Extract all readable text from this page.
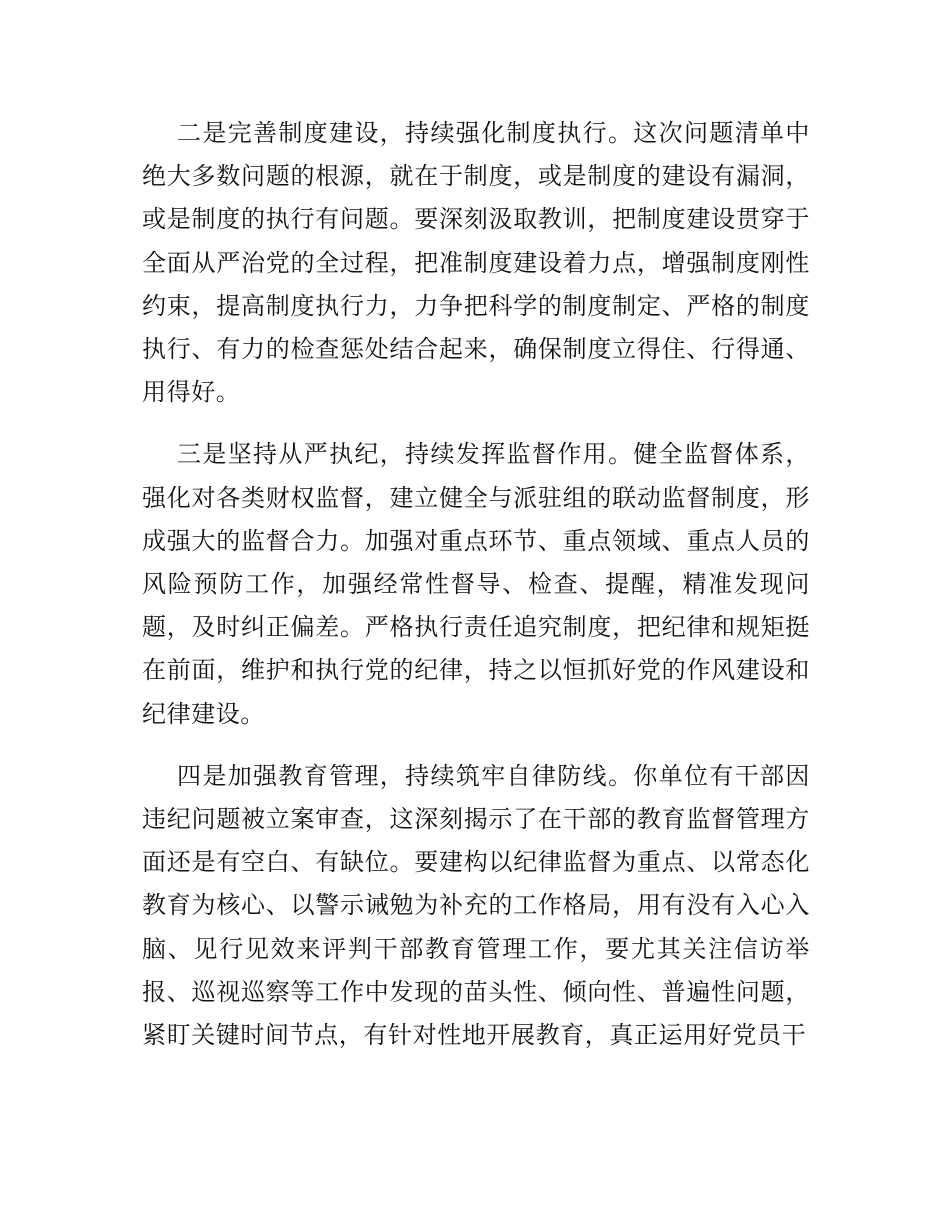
二是完善制度建设，持续强化制度执行。这次问题清单中绝大多数问题的根源，就在于制度，或是制度的建设有漏洞，或是制度的执行有问题。要深刻汲取教训，把制度建设贯穿于全面从严治党的全过程，把准制度建设着力点，增强制度刚性约束，提高制度执行力，力争把科学的制度制定、严格的制度执行、有力的检查惩处结合起来，确保制度立得住、行得通、用得好。

三是坚持从严执纪，持续发挥监督作用。健全监督体系，强化对各类财权监督，建立健全与派驻组的联动监督制度，形成强大的监督合力。加强对重点环节、重点领域、重点人员的风险预防工作，加强经常性督导、检查、提醒，精准发现问题，及时纠正偏差。严格执行责任追究制度，把纪律和规矩挺在前面，维护和执行党的纪律，持之以恒抓好党的作风建设和纪律建设。

四是加强教育管理，持续筑牢自律防线。你单位有干部因违纪问题被立案审查，这深刻揭示了在干部的教育监督管理方面还是有空白、有缺位。要建构以纪律监督为重点、以常态化教育为核心、以警示诫勉为补充的工作格局，用有没有入心入脑、见行见效来评判干部教育管理工作，要尤其关注信访举报、巡视巡察等工作中发现的苗头性、倾向性、普遍性问题，紧盯关键时间节点，有针对性地开展教育，真正运用好党员干
